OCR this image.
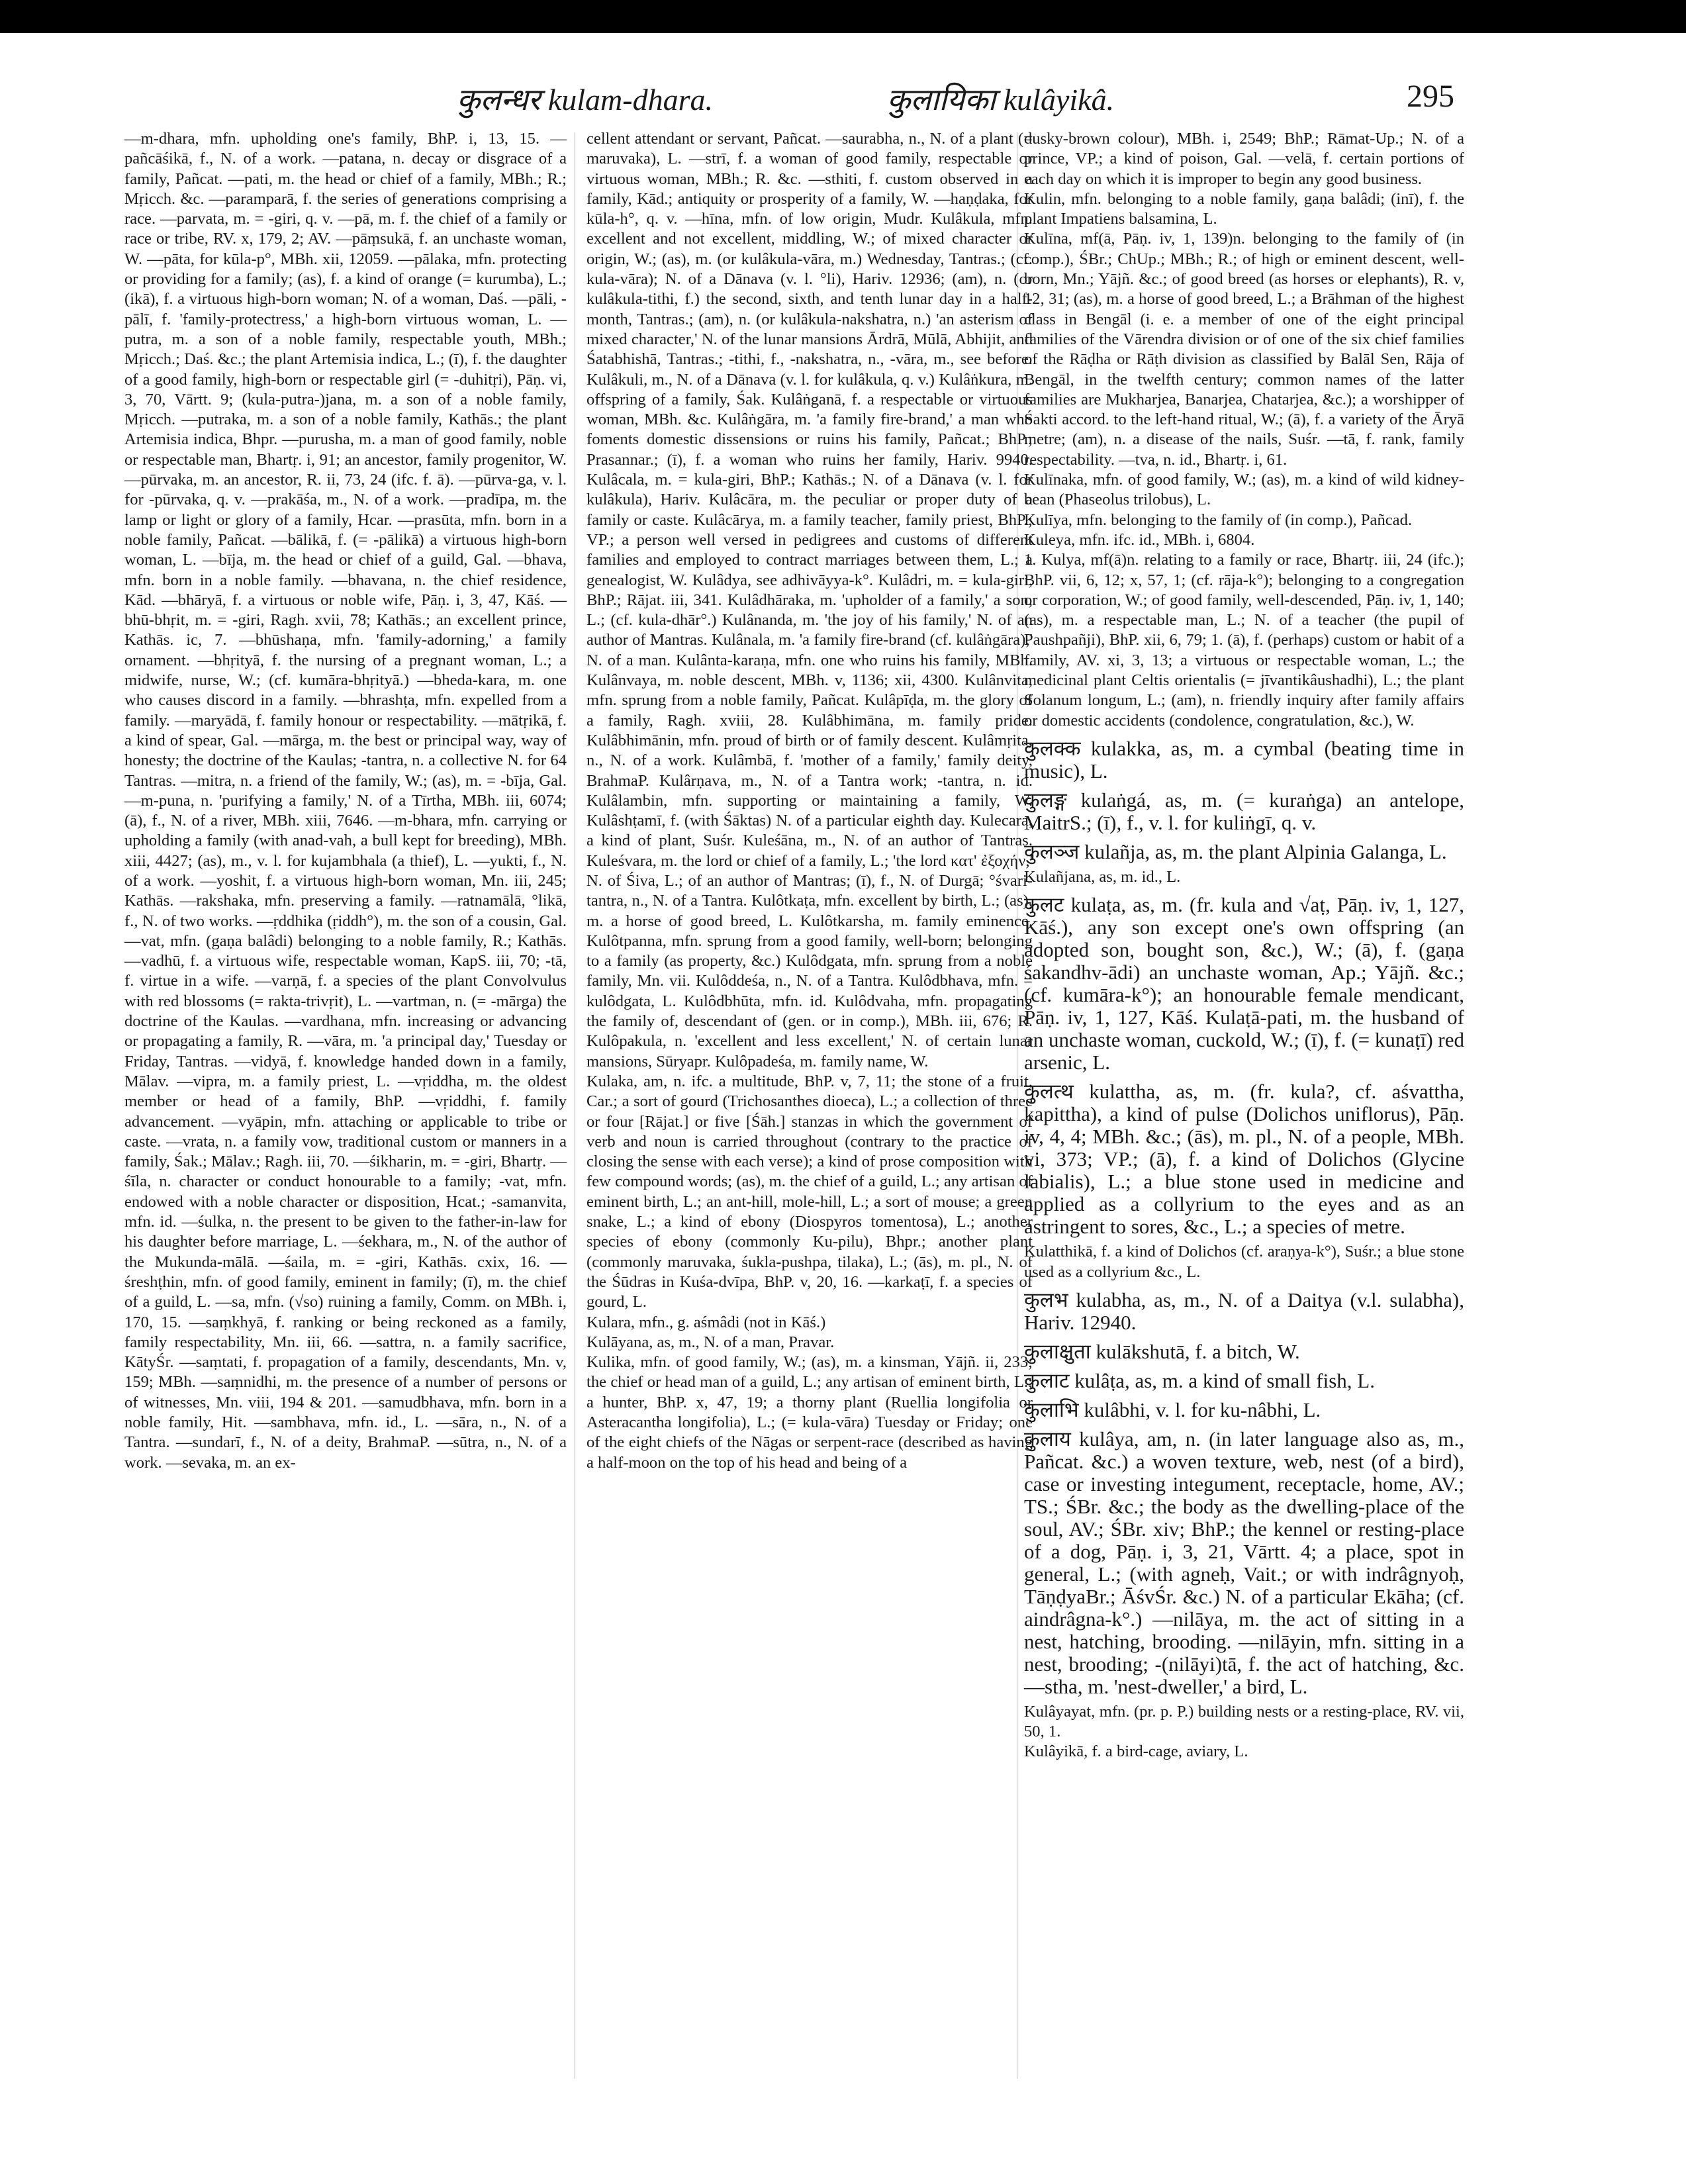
कुलन्धर kulam-dhara.	कुलायिका kulâyikâ.	295

—m-dhara, mfn. upholding one's family, BhP. i, 13, 15. —pañcāśikā, f., N. of a work. —patana, n. decay or disgrace of a family, Pañcat. —pati, m. the head or chief of a family, MBh.; R.; Mṛicch. &c. —paramparā, f. the series of generations comprising a race. —parvata, m. = -giri, q. v. —pā, m. f. the chief of a family or race or tribe, RV. x, 179, 2; AV. —pāṃsukā, f. an unchaste woman, W. —pāta, for kūla-p°, MBh. xii, 12059. —pālaka, mfn. protecting or providing for a family; (as), f. a kind of orange (= kurumba), L.; (ikā), f. a virtuous high-born woman; N. of a woman, Daś. —pāli, -pālī, f. 'family-protectress,' a high-born virtuous woman, L. —putra, m. a son of a noble family, respectable youth, MBh.; Mṛicch.; Daś. &c.; the plant Artemisia indica, L.; (ī), f. the daughter of a good family, high-born or respectable girl (= -duhitṛi), Pāṇ. vi, 3, 70, Vārtt. 9; (kula-putra-)jana, m. a son of a noble family, Mṛicch. —putraka, m. a son of a noble family, Kathās.; the plant Artemisia indica, Bhpr. —purusha, m. a man of good family, noble or respectable man, Bhartṛ. i, 91; an ancestor, family progenitor, W. —pūrvaka, m. an ancestor, R. ii, 73, 24 (ifc. f. ā). —pūrva-ga, v. l. for -pūrvaka, q. v. —prakāśa, m., N. of a work. —pradīpa, m. the lamp or light or glory of a family, Hcar. —prasūta, mfn. born in a noble family, Pañcat. —bālikā, f. (= -pālikā) a virtuous high-born woman, L. —bīja, m. the head or chief of a guild, Gal. —bhava, mfn. born in a noble family. —bhavana, n. the chief residence, Kād. —bhāryā, f. a virtuous or noble wife, Pāṇ. i, 3, 47, Kāś. —bhū-bhṛit, m. = -giri, Ragh. xvii, 78; Kathās.; an excellent prince, Kathās. ic, 7. —bhūshaṇa, mfn. 'family-adorning,' a family ornament. —bhṛityā, f. the nursing of a pregnant woman, L.; a midwife, nurse, W.; (cf. kumāra-bhṛityā.) —bheda-kara, m. one who causes discord in a family. —bhrashṭa, mfn. expelled from a family. —maryādā, f. family honour or respectability. —mātṛikā, f. a kind of spear, Gal. —mārga, m. the best or principal way, way of honesty; the doctrine of the Kaulas; -tantra, n. a collective N. for 64 Tantras. —mitra, n. a friend of the family, W.; (as), m. = -bīja, Gal. —m-puna, n. 'purifying a family,' N. of a Tīrtha, MBh. iii, 6074; (ā), f., N. of a river, MBh. xiii, 7646. —m-bhara, mfn. carrying or upholding a family (with anad-vah, a bull kept for breeding), MBh. xiii, 4427; (as), m., v. l. for kujambhala (a thief), L. —yukti, f., N. of a work. —yoshit, f. a virtuous high-born woman, Mn. iii, 245; Kathās. —rakshaka, mfn. preserving a family. —ratnamālā, °likā, f., N. of two works. —ṛddhika (ṛiddh°), m. the son of a cousin, Gal. —vat, mfn. (gaṇa balâdi) belonging to a noble family, R.; Kathās. —vadhū, f. a virtuous wife, respectable woman, KapS. iii, 70; -tā, f. virtue in a wife. —varṇā, f. a species of the plant Convolvulus with red blossoms (= rakta-trivṛit), L. —vartman, n. (= -mārga) the doctrine of the Kaulas. —vardhana, mfn. increasing or advancing or propagating a family, R. —vāra, m. 'a principal day,' Tuesday or Friday, Tantras. —vidyā, f. knowledge handed down in a family, Mālav. —vipra, m. a family priest, L. —vṛiddha, m. the oldest member or head of a family, BhP. —vṛiddhi, f. family advancement. —vyāpin, mfn. attaching or applicable to tribe or caste. —vrata, n. a family vow, traditional custom or manners in a family, Śak.; Mālav.; Ragh. iii, 70. —śikharin, m. = -giri, Bhartṛ. —śīla, n. character or conduct honourable to a family; -vat, mfn. endowed with a noble character or disposition, Hcat.; -samanvita, mfn. id. —śulka, n. the present to be given to the father-in-law for his daughter before marriage, L. —śekhara, m., N. of the author of the Mukunda-mālā. —śaila, m. = -giri, Kathās. cxix, 16. —śreshṭhin, mfn. of good family, eminent in family; (ī), m. the chief of a guild, L. —sa, mfn. (√so) ruining a family, Comm. on MBh. i, 170, 15. —saṃkhyā, f. ranking or being reckoned as a family, family respectability, Mn. iii, 66. —sattra, n. a family sacrifice, KātyŚr. —saṃtati, f. propagation of a family, descendants, Mn. v, 159; MBh. —saṃnidhi, m. the presence of a number of persons or of witnesses, Mn. viii, 194 & 201. —samudbhava, mfn. born in a noble family, Hit. —sambhava, mfn. id., L. —sāra, n., N. of a Tantra. —sundarī, f., N. of a deity, BrahmaP. —sūtra, n., N. of a work. —sevaka, m. an ex-

cellent attendant or servant, Pañcat. —saurabha, n., N. of a plant (= maruvaka), L. —strī, f. a woman of good family, respectable or virtuous woman, MBh.; R. &c. —sthiti, f. custom observed in a family, Kād.; antiquity or prosperity of a family, W. —haṇḍaka, for kūla-h°, q. v. —hīna, mfn. of low origin, Mudr. Kulâkula, mfn. excellent and not excellent, middling, W.; of mixed character or origin, W.; (as), m. (or kulâkula-vāra, m.) Wednesday, Tantras.; (cf. kula-vāra); N. of a Dānava (v. l. °li), Hariv. 12936; (am), n. (or kulâkula-tithi, f.) the second, sixth, and tenth lunar day in a half-month, Tantras.; (am), n. (or kulâkula-nakshatra, n.) 'an asterism of mixed character,' N. of the lunar mansions Ārdrā, Mūlā, Abhijit, and Śatabhishā, Tantras.; -tithi, f., -nakshatra, n., -vāra, m., see before. Kulâkuli, m., N. of a Dānava (v. l. for kulâkula, q. v.) Kulâṅkura, m. offspring of a family, Śak. Kulâṅganā, f. a respectable or virtuous woman, MBh. &c. Kulâṅgāra, m. 'a family fire-brand,' a man who foments domestic dissensions or ruins his family, Pañcat.; BhP.; Prasannar.; (ī), f. a woman who ruins her family, Hariv. 9940. Kulâcala, m. = kula-giri, BhP.; Kathās.; N. of a Dānava (v. l. for kulâkula), Hariv. Kulâcāra, m. the peculiar or proper duty of a family or caste. Kulâcārya, m. a family teacher, family priest, BhP.; VP.; a person well versed in pedigrees and customs of different families and employed to contract marriages between them, L.; a genealogist, W. Kulâdya, see adhivāyya-k°. Kulâdri, m. = kula-giri, BhP.; Rājat. iii, 341. Kulâdhāraka, m. 'upholder of a family,' a son, L.; (cf. kula-dhār°.) Kulânanda, m. 'the joy of his family,' N. of an author of Mantras. Kulânala, m. 'a family fire-brand (cf. kulâṅgāra),' N. of a man. Kulânta-karaṇa, mfn. one who ruins his family, MBh. Kulânvaya, m. noble descent, MBh. v, 1136; xii, 4300. Kulânvita, mfn. sprung from a noble family, Pañcat. Kulâpīḍa, m. the glory of a family, Ragh. xviii, 28. Kulâbhimāna, m. family pride. Kulâbhimānin, mfn. proud of birth or of family descent. Kulâmṛita, n., N. of a work. Kulâmbā, f. 'mother of a family,' family deity, BrahmaP. Kulârṇava, m., N. of a Tantra work; -tantra, n. id. Kulâlambin, mfn. supporting or maintaining a family, W. Kulâshṭamī, f. (with Śāktas) N. of a particular eighth day. Kulecara, a kind of plant, Suśr. Kuleśāna, m., N. of an author of Tantras. Kuleśvara, m. the lord or chief of a family, L.; 'the lord κατ' ἐξοχήν,' N. of Śiva, L.; of an author of Mantras; (ī), f., N. of Durgā; °śvari-tantra, n., N. of a Tantra. Kulôtkaṭa, mfn. excellent by birth, L.; (as), m. a horse of good breed, L. Kulôtkarsha, m. family eminence. Kulôtpanna, mfn. sprung from a good family, well-born; belonging to a family (as property, &c.) Kulôdgata, mfn. sprung from a noble family, Mn. vii. Kulôddeśa, n., N. of a Tantra. Kulôdbhava, mfn. = kulôdgata, L. Kulôdbhūta, mfn. id. Kulôdvaha, mfn. propagating the family of, descendant of (gen. or in comp.), MBh. iii, 676; R. Kulôpakula, n. 'excellent and less excellent,' N. of certain lunar mansions, Sūryapr. Kulôpadeśa, m. family name, W.

Kulaka, am, n. ifc. a multitude, BhP. v, 7, 11; the stone of a fruit, Car.; a sort of gourd (Trichosanthes dioeca), L.; a collection of three or four [Rājat.] or five [Śāh.] stanzas in which the government of verb and noun is carried throughout (contrary to the practice of closing the sense with each verse); a kind of prose composition with few compound words; (as), m. the chief of a guild, L.; any artisan of eminent birth, L.; an ant-hill, mole-hill, L.; a sort of mouse; a green snake, L.; a kind of ebony (Diospyros tomentosa), L.; another species of ebony (commonly Ku-pilu), Bhpr.; another plant (commonly maruvaka, śukla-pushpa, tilaka), L.; (ās), m. pl., N. of the Śūdras in Kuśa-dvīpa, BhP. v, 20, 16. —karkaṭī, f. a species of gourd, L.

Kulara, mfn., g. aśmâdi (not in Kāś.)

Kulāyana, as, m., N. of a man, Pravar.

Kulika, mfn. of good family, W.; (as), m. a kinsman, Yājñ. ii, 233; the chief or head man of a guild, L.; any artisan of eminent birth, L.; a hunter, BhP. x, 47, 19; a thorny plant (Ruellia longifolia or Asteracantha longifolia), L.; (= kula-vāra) Tuesday or Friday; one of the eight chiefs of the Nāgas or serpent-race (described as having a half-moon on the top of his head and being of a

dusky-brown colour), MBh. i, 2549; BhP.; Rāmat-Up.; N. of a prince, VP.; a kind of poison, Gal. —velā, f. certain portions of each day on which it is improper to begin any good business.

Kulin, mfn. belonging to a noble family, gaṇa balâdi; (inī), f. the plant Impatiens balsamina, L.

Kulīna, mf(ā, Pāṇ. iv, 1, 139)n. belonging to the family of (in comp.), ŚBr.; ChUp.; MBh.; R.; of high or eminent descent, well-born, Mn.; Yājñ. &c.; of good breed (as horses or elephants), R. v, 12, 31; (as), m. a horse of good breed, L.; a Brāhman of the highest class in Bengāl (i. e. a member of one of the eight principal families of the Vārendra division or of one of the six chief families of the Rāḍha or Rāṭh division as classified by Balāl Sen, Rāja of Bengāl, in the twelfth century; common names of the latter families are Mukharjea, Banarjea, Chatarjea, &c.); a worshipper of Śakti accord. to the left-hand ritual, W.; (ā), f. a variety of the Āryā metre; (am), n. a disease of the nails, Suśr. —tā, f. rank, family respectability. —tva, n. id., Bhartṛ. i, 61.

Kulīnaka, mfn. of good family, W.; (as), m. a kind of wild kidney-bean (Phaseolus trilobus), L.

Kulīya, mfn. belonging to the family of (in comp.), Pañcad.

Kuleya, mfn. ifc. id., MBh. i, 6804.

1. Kulya, mf(ā)n. relating to a family or race, Bhartṛ. iii, 24 (ifc.); BhP. vii, 6, 12; x, 57, 1; (cf. rāja-k°); belonging to a congregation or corporation, W.; of good family, well-descended, Pāṇ. iv, 1, 140; (as), m. a respectable man, L.; N. of a teacher (the pupil of Paushpañji), BhP. xii, 6, 79; 1. (ā), f. (perhaps) custom or habit of a family, AV. xi, 3, 13; a virtuous or respectable woman, L.; the medicinal plant Celtis orientalis (= jīvantikâushadhi), L.; the plant Solanum longum, L.; (am), n. friendly inquiry after family affairs or domestic accidents (condolence, congratulation, &c.), W.

कुलक्क kulakka, as, m. a cymbal (beating time in music), L.

कुलङ्ग kulaṅgá, as, m. (= kuraṅga) an antelope, MaitrS.; (ī), f., v. l. for kuliṅgī, q. v.

कुलञ्ज kulañja, as, m. the plant Alpinia Galanga, L.

Kulañjana, as, m. id., L.

कुलट kulaṭa, as, m. (fr. kula and √aṭ, Pāṇ. iv, 1, 127, Kāś.), any son except one's own offspring (an adopted son, bought son, &c.), W.; (ā), f. (gaṇa śakandhv-ādi) an unchaste woman, Ap.; Yājñ. &c.; (cf. kumāra-k°); an honourable female mendicant, Pāṇ. iv, 1, 127, Kāś. Kulaṭā-pati, m. the husband of an unchaste woman, cuckold, W.; (ī), f. (= kunaṭī) red arsenic, L.

कुलत्थ kulattha, as, m. (fr. kula?, cf. aśvattha, kapittha), a kind of pulse (Dolichos uniflorus), Pāṇ. iv, 4, 4; MBh. &c.; (ās), m. pl., N. of a people, MBh. vi, 373; VP.; (ā), f. a kind of Dolichos (Glycine labialis), L.; a blue stone used in medicine and applied as a collyrium to the eyes and as an astringent to sores, &c., L.; a species of metre.

Kulatthikā, f. a kind of Dolichos (cf. araṇya-k°), Suśr.; a blue stone used as a collyrium &c., L.

कुलभ kulabha, as, m., N. of a Daitya (v.l. sulabha), Hariv. 12940.

कुलाक्षुता kulākshutā, f. a bitch, W.

कुलाट kulâṭa, as, m. a kind of small fish, L.

कुलाभि kulâbhi, v. l. for ku-nâbhi, L.

कुलाय kulâya, am, n. (in later language also as, m., Pañcat. &c.) a woven texture, web, nest (of a bird), case or investing integument, receptacle, home, AV.; TS.; ŚBr. &c.; the body as the dwelling-place of the soul, AV.; ŚBr. xiv; BhP.; the kennel or resting-place of a dog, Pāṇ. i, 3, 21, Vārtt. 4; a place, spot in general, L.; (with agneḥ, Vait.; or with indrâgnyoḥ, TāṇḍyaBr.; ĀśvŚr. &c.) N. of a particular Ekāha; (cf. aindrâgna-k°.) —nilāya, m. the act of sitting in a nest, hatching, brooding. —nilāyin, mfn. sitting in a nest, brooding; -(nilāyi)tā, f. the act of hatching, &c. —stha, m. 'nest-dweller,' a bird, L.

Kulâyayat, mfn. (pr. p. P.) building nests or a resting-place, RV. vii, 50, 1.

Kulâyikā, f. a bird-cage, aviary, L.
